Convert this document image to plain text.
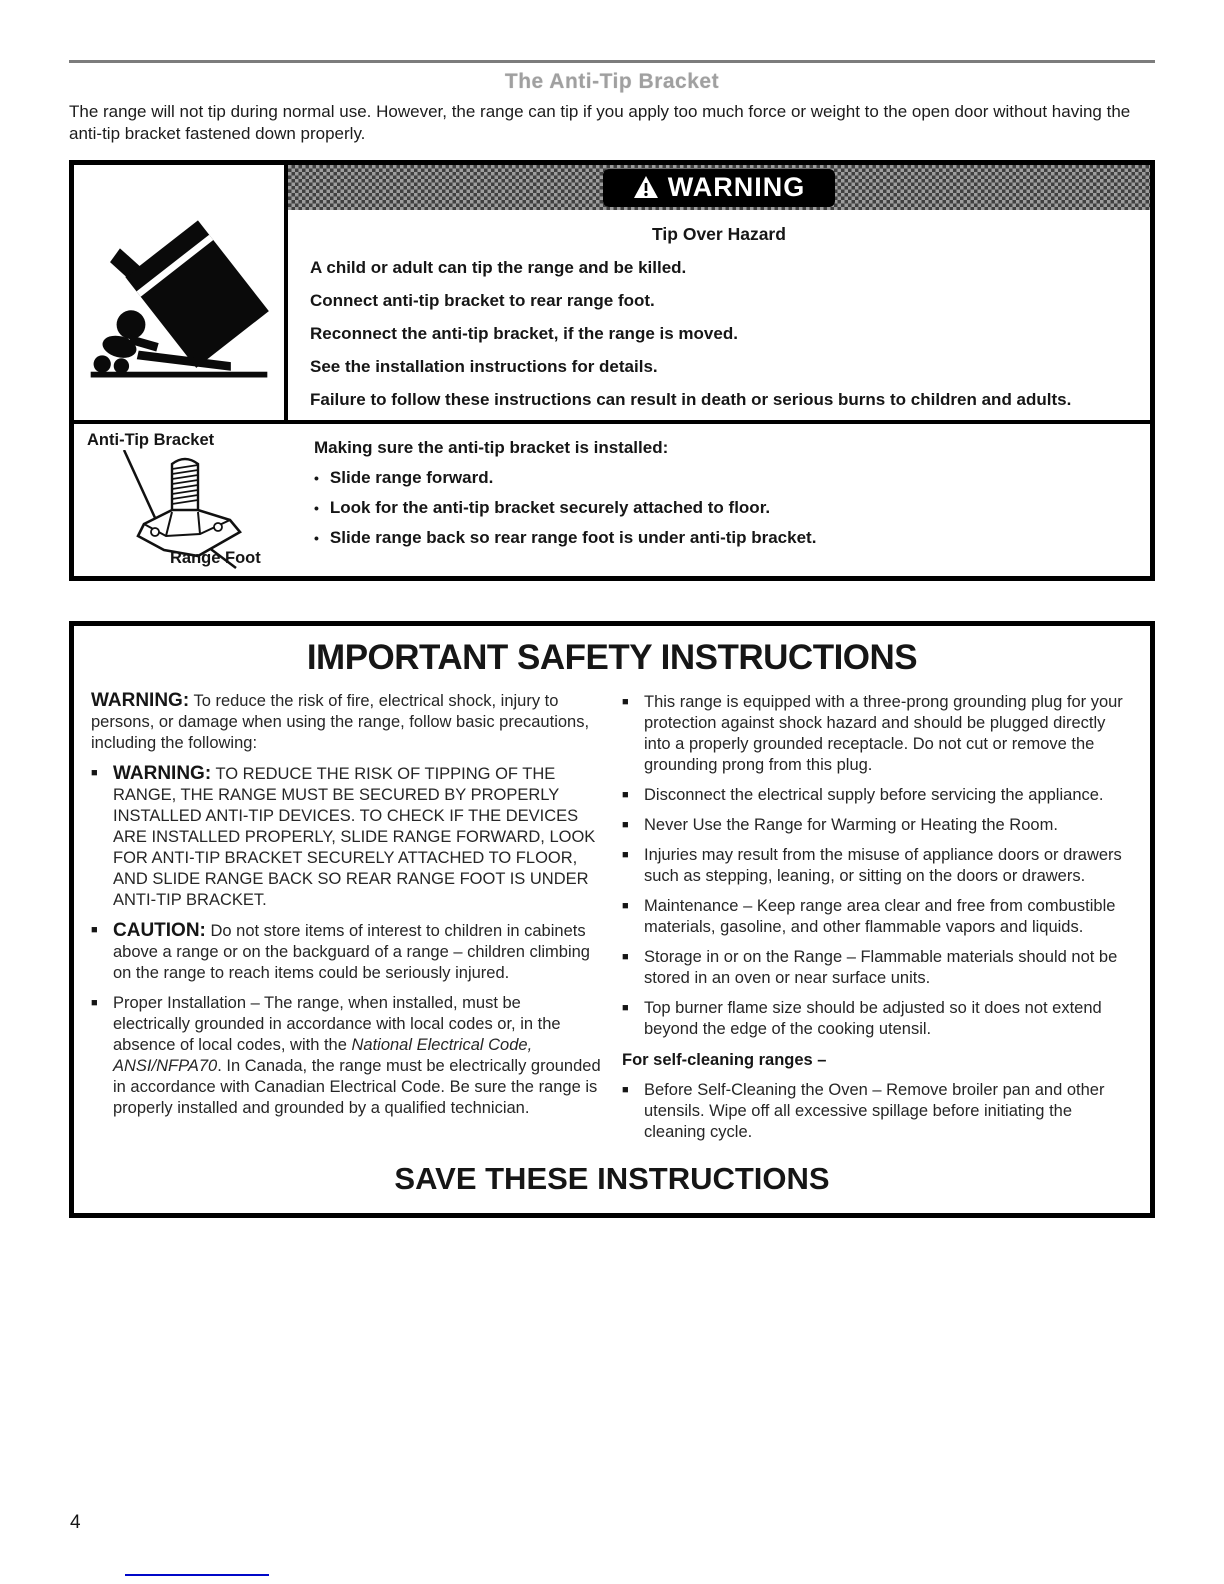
The Anti-Tip Bracket

The range will not tip during normal use. However, the range can tip if you apply too much force or weight to the open door without having the anti-tip bracket fastened down properly.

WARNING
Tip Over Hazard

A child or adult can tip the range and be killed.

Connect anti-tip bracket to rear range foot.

Reconnect the anti-tip bracket, if the range is moved.

See the installation instructions for details.

Failure to follow these instructions can result in death or serious burns to children and adults.

Anti-Tip Bracket
Range Foot

Making sure the anti-tip bracket is installed:

• Slide range forward.

• Look for the anti-tip bracket securely attached to floor.

• Slide range back so rear range foot is under anti-tip bracket.

IMPORTANT SAFETY INSTRUCTIONS

WARNING: To reduce the risk of fire, electrical shock, injury to persons, or damage when using the range, follow basic precautions, including the following:

■ WARNING: TO REDUCE THE RISK OF TIPPING OF THE RANGE, THE RANGE MUST BE SECURED BY PROPERLY INSTALLED ANTI-TIP DEVICES. TO CHECK IF THE DEVICES ARE INSTALLED PROPERLY, SLIDE RANGE FORWARD, LOOK FOR ANTI-TIP BRACKET SECURELY ATTACHED TO FLOOR, AND SLIDE RANGE BACK SO REAR RANGE FOOT IS UNDER ANTI-TIP BRACKET.

■ CAUTION: Do not store items of interest to children in cabinets above a range or on the backguard of a range – children climbing on the range to reach items could be seriously injured.

■ Proper Installation – The range, when installed, must be electrically grounded in accordance with local codes or, in the absence of local codes, with the National Electrical Code, ANSI/NFPA70. In Canada, the range must be electrically grounded in accordance with Canadian Electrical Code. Be sure the range is properly installed and grounded by a qualified technician.

■ This range is equipped with a three-prong grounding plug for your protection against shock hazard and should be plugged directly into a properly grounded receptacle. Do not cut or remove the grounding prong from this plug.

■ Disconnect the electrical supply before servicing the appliance.

■ Never Use the Range for Warming or Heating the Room.

■ Injuries may result from the misuse of appliance doors or drawers such as stepping, leaning, or sitting on the doors or drawers.

■ Maintenance – Keep range area clear and free from combustible materials, gasoline, and other flammable vapors and liquids.

■ Storage in or on the Range – Flammable materials should not be stored in an oven or near surface units.

■ Top burner flame size should be adjusted so it does not extend beyond the edge of the cooking utensil.

For self-cleaning ranges –

■ Before Self-Cleaning the Oven – Remove broiler pan and other utensils. Wipe off all excessive spillage before initiating the cleaning cycle.

SAVE THESE INSTRUCTIONS
4
